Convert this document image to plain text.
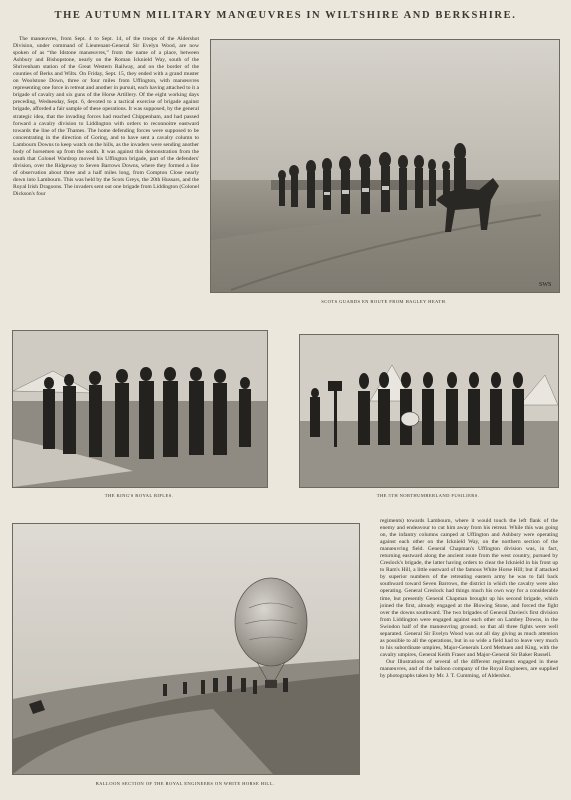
THE AUTUMN MILITARY MANŒUVRES IN WILTSHIRE AND BERKSHIRE.

The manœuvres, from Sept. 4 to Sept. 14, of the troops of the Aldershot Division, under command of Lieutenant-General Sir Evelyn Wood, are now spoken of as “the Idstone manœuvres,” from the name of a place, between Ashbury and Bishopstone, nearly on the Roman Icknield Way, south of the Shrivenham station of the Great Western Railway, and on the border of the counties of Berks and Wilts. On Friday, Sept. 15, they ended with a grand muster on Woolstone Down, three or four miles from Uffington, with manœuvres representing one force in retreat and another in pursuit, each having attached to it a brigade of cavalry and six guns of the Horse Artillery. Of the eight working days preceding, Wednesday, Sept. 6, devoted to a tactical exercise of brigade against brigade, afforded a fair sample of these operations. It was supposed, by the general strategic idea, that the invading forces had reached Chippenham, and had passed forward a cavalry division to Liddington with orders to reconnoitre eastward towards the line of the Thames. The home defending forces were supposed to be concentrating in the direction of Goring, and to have sent a cavalry column to Lambourn Downs to keep watch on the hills, as the invaders were sending another body of horsemen up from the south. It was against this demonstration from the south that Colonel Wardrop moved his Uffington brigade, part of the defenders' division, over the Ridgeway to Seven Barrows Downs, where they formed a line of observation about three and a half miles long, from Compton Close nearly down into Lambourn. This was held by the Scots Greys, the 20th Hussars, and the Royal Irish Dragoons. The invaders sent out one brigade from Liddington (Colonel Dickson's four

SWS
SCOTS GUARDS EN ROUTE FROM HAGLEY HEATH.
THE KING'S ROYAL RIFLES.	THE 5TH NORTHUMBERLAND FUSILIERS.
BALLOON SECTION OF THE ROYAL ENGINEERS ON WHITE HORSE HILL.

regiments) towards Lambourn, where it would touch the left flank of the enemy and endeavour to cut him away from his retreat. While this was going on, the infantry columns camped at Uffington and Ashbury were operating against each other on the Icknield Way, on the northern section of the manœuvring field. General Chapman's Uffington division was, in fact, returning eastward along the ancient route from the west country, pursued by Creslock's brigade, the latter having orders to clear the Icknield in his front up to Ram's Hill, a little eastward of the famous White Horse Hill; but if attacked by superior numbers of the retreating eastern army he was to fall back southward toward Seven Barrows, the district in which the cavalry were also operating. General Creslock had things much his own way for a considerable time, but presently General Chapman brought up his second brigade, which joined the first, already engaged at the Blowing Stone, and forced the fight over the downs southward. The two brigades of General Davies's first division from Liddington were engaged against each other on Lambey Downs, in the Swindon half of the manœuvring ground; so that all three fights were well separated. General Sir Evelyn Wood was out all day giving as much attention as possible to all the operations, but in so wide a field had to leave very much to his subordinate umpires, Major-Generals Lord Methuen and King, with the cavalry umpires, General Keith Fraser and Major-General Sir Baker Russell.

Our Illustrations of several of the different regiments engaged in these manœuvres, and of the balloon company of the Royal Engineers, are supplied by photographs taken by Mr. J. T. Cumming, of Aldershot.
